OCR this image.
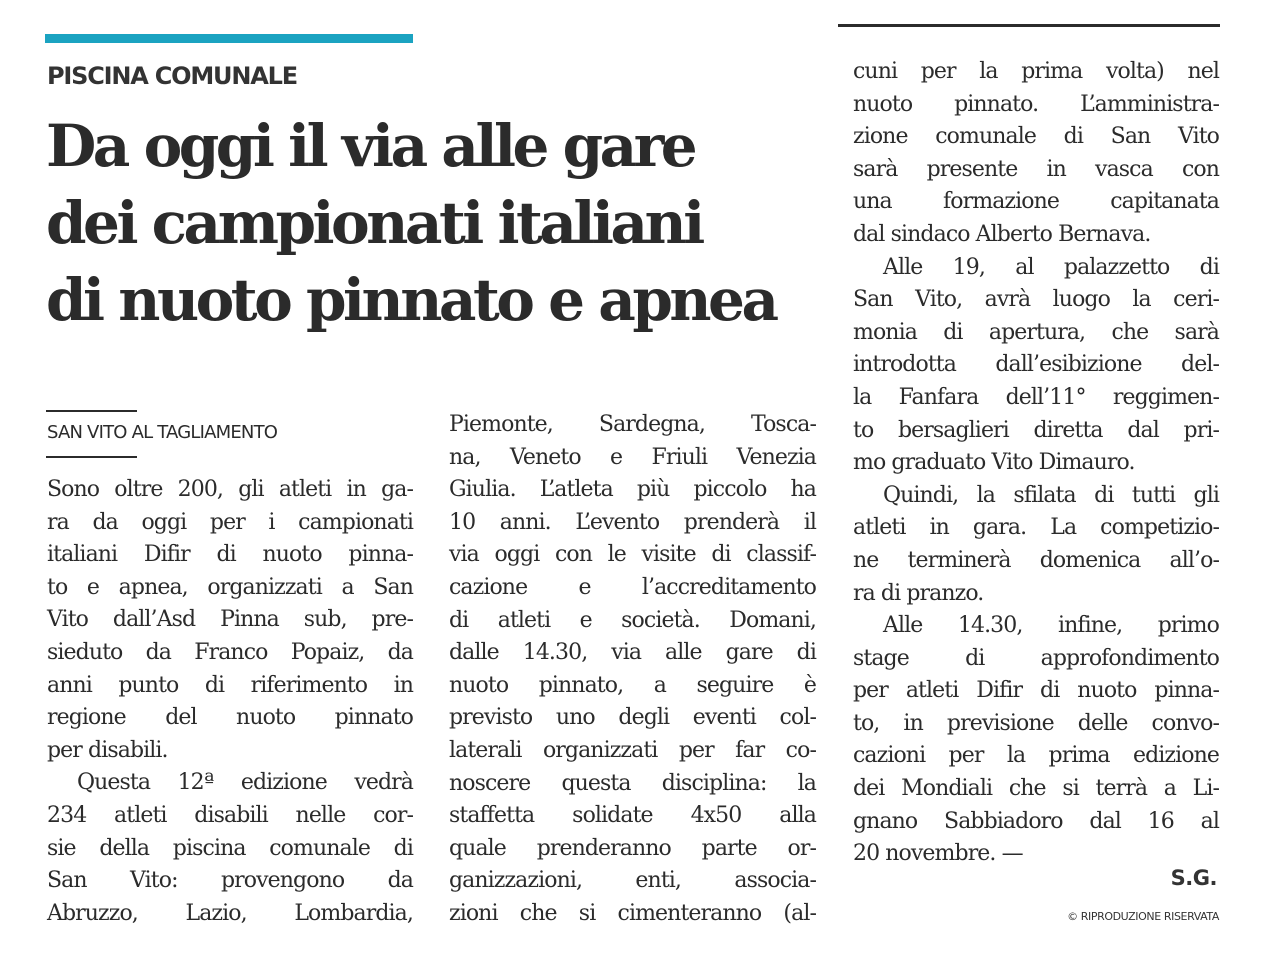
PISCINA COMUNALE
Da oggi il via alle gare
dei campionati italiani
di nuoto pinnato e apnea

SAN VITO AL TAGLIAMENTO

Sono oltre 200, gli atleti in ga-
ra da oggi per i campionati
italiani Difir di nuoto pinna-
to e apnea, organizzati a San
Vito dall’Asd Pinna sub, pre-
sieduto da Franco Popaiz, da
anni punto di riferimento in
regione del nuoto pinnato
per disabili.

Questa 12ª edizione vedrà
234 atleti disabili nelle cor-
sie della piscina comunale di
San Vito: provengono da
Abruzzo, Lazio, Lombardia,

Piemonte, Sardegna, Tosca-
na, Veneto e Friuli Venezia
Giulia. L’atleta più piccolo ha
10 anni. L’evento prenderà il
via oggi con le visite di classif-
cazione e l’accreditamento
di atleti e società. Domani,
dalle 14.30, via alle gare di
nuoto pinnato, a seguire è
previsto uno degli eventi col-
laterali organizzati per far co-
noscere questa disciplina: la
staffetta solidate 4x50 alla
quale prenderanno parte or-
ganizzazioni, enti, associa-
zioni che si cimenteranno (al-

cuni per la prima volta) nel
nuoto pinnato. L’amministra-
zione comunale di San Vito
sarà presente in vasca con
una formazione capitanata
dal sindaco Alberto Bernava.

Alle 19, al palazzetto di
San Vito, avrà luogo la ceri-
monia di apertura, che sarà
introdotta dall’esibizione del-
la Fanfara dell’11° reggimen-
to bersaglieri diretta dal pri-
mo graduato Vito Dimauro.

Quindi, la sfilata di tutti gli
atleti in gara. La competizio-
ne terminerà domenica all’o-
ra di pranzo.

Alle 14.30, infine, primo
stage di approfondimento
per atleti Difir di nuoto pinna-
to, in previsione delle convo-
cazioni per la prima edizione
dei Mondiali che si terrà a Li-
gnano Sabbiadoro dal 16 al
20 novembre. —

S.G.

© RIPRODUZIONE RISERVATA
